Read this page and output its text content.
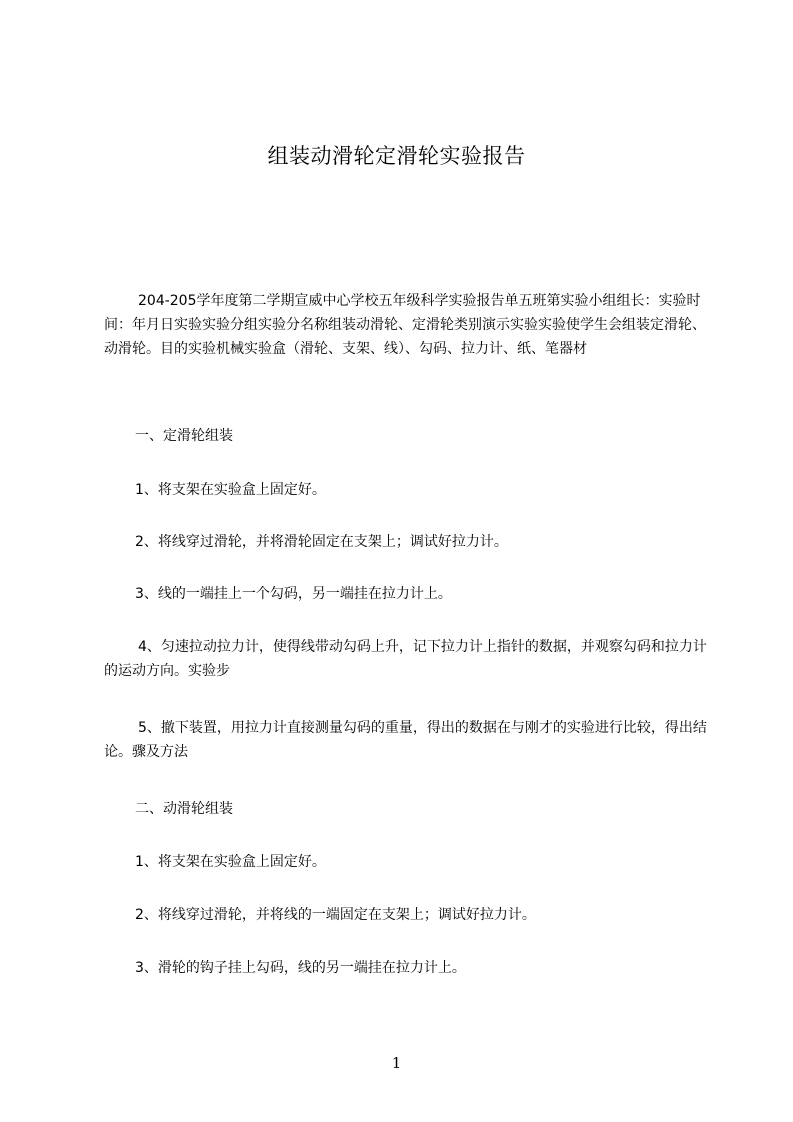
组装动滑轮定滑轮实验报告
204-205学年度第二学期宣威中心学校五年级科学实验报告单五班第实验小组组长：实验时间：年月日实验实验分组实验分名称组装动滑轮、定滑轮类别演示实验实验使学生会组装定滑轮、动滑轮。目的实验机械实验盒（滑轮、支架、线）、勾码、拉力计、纸、笔器材
一、定滑轮组装
1、将支架在实验盒上固定好。
2、将线穿过滑轮，并将滑轮固定在支架上；调试好拉力计。
3、线的一端挂上一个勾码，另一端挂在拉力计上。
4、匀速拉动拉力计，使得线带动勾码上升，记下拉力计上指针的数据，并观察勾码和拉力计的运动方向。实验步
5、撤下装置，用拉力计直接测量勾码的重量，得出的数据在与刚才的实验进行比较，得出结论。骤及方法
二、动滑轮组装
1、将支架在实验盒上固定好。
2、将线穿过滑轮，并将线的一端固定在支架上；调试好拉力计。
3、滑轮的钩子挂上勾码，线的另一端挂在拉力计上。
1
